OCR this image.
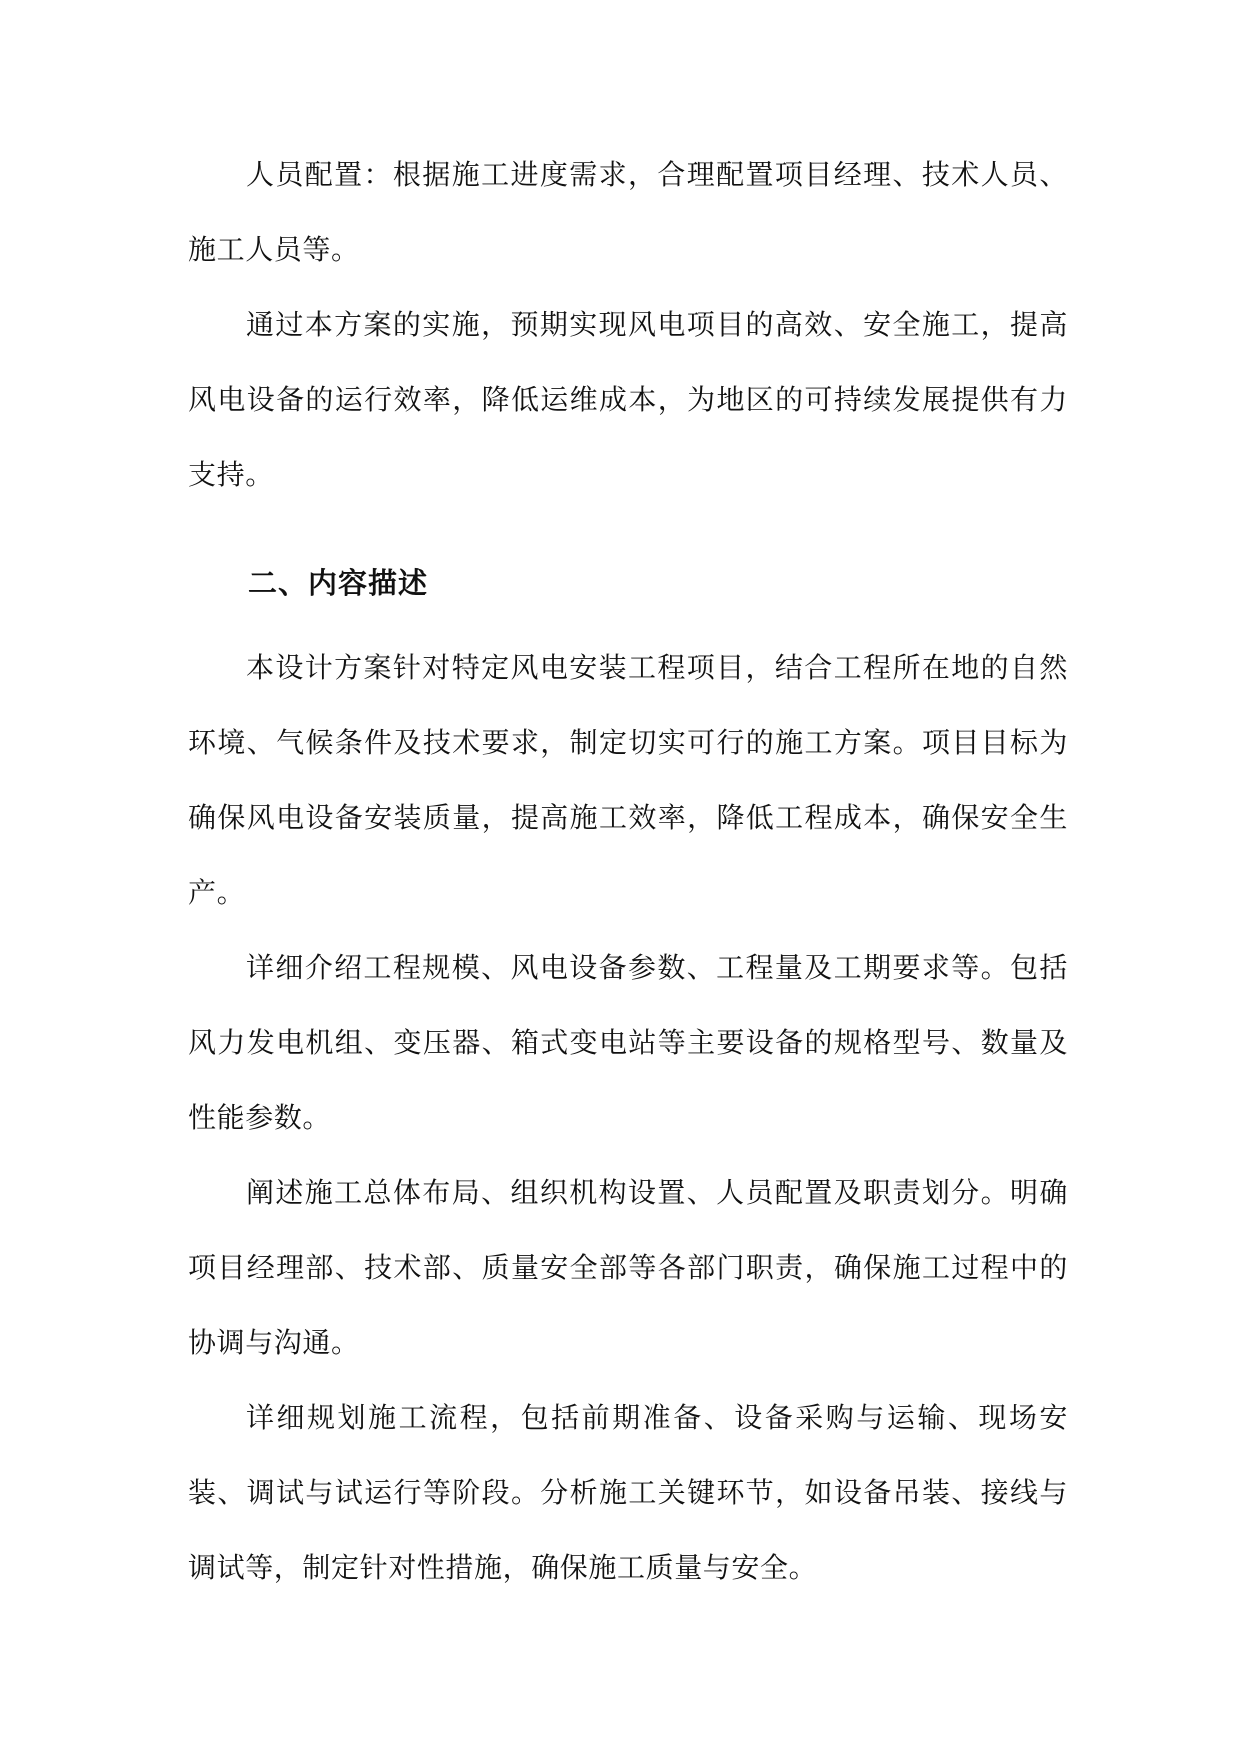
人员配置：根据施工进度需求，合理配置项目经理、技术人员、施工人员等。

通过本方案的实施，预期实现风电项目的高效、安全施工，提高风电设备的运行效率，降低运维成本，为地区的可持续发展提供有力支持。

二、内容描述

本设计方案针对特定风电安装工程项目，结合工程所在地的自然环境、气候条件及技术要求，制定切实可行的施工方案。项目目标为确保风电设备安装质量，提高施工效率，降低工程成本，确保安全生产。

详细介绍工程规模、风电设备参数、工程量及工期要求等。包括风力发电机组、变压器、箱式变电站等主要设备的规格型号、数量及性能参数。

阐述施工总体布局、组织机构设置、人员配置及职责划分。明确项目经理部、技术部、质量安全部等各部门职责，确保施工过程中的协调与沟通。

详细规划施工流程，包括前期准备、设备采购与运输、现场安装、调试与试运行等阶段。分析施工关键环节，如设备吊装、接线与调试等，制定针对性措施，确保施工质量与安全。
